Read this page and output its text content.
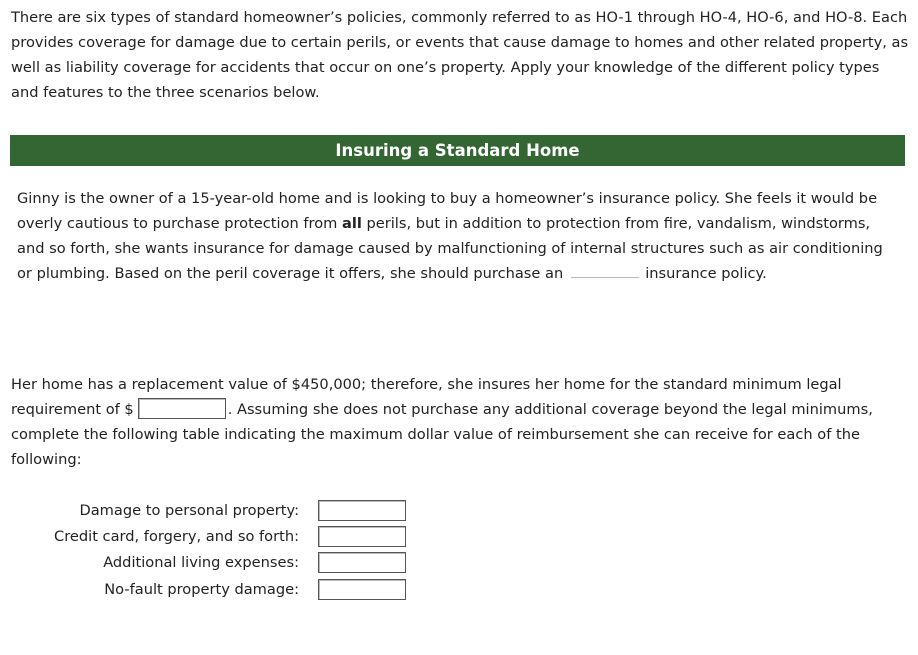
There are six types of standard homeowner’s policies, commonly referred to as HO-1 through HO-4, HO-6, and HO-8. Each provides coverage for damage due to certain perils, or events that cause damage to homes and other related property, as well as liability coverage for accidents that occur on one’s property. Apply your knowledge of the different policy types and features to the three scenarios below.

Insuring a Standard Home

Ginny is the owner of a 15-year-old home and is looking to buy a homeowner’s insurance policy. She feels it would be overly cautious to purchase protection from all perils, but in addition to protection from fire, vandalism, windstorms, and so forth, she wants insurance for damage caused by malfunctioning of internal structures such as air conditioning or plumbing. Based on the peril coverage it offers, she should purchase an	insurance policy.

Her home has a replacement value of $450,000; therefore, she insures her home for the standard minimum legal requirement of $	. Assuming she does not purchase any additional coverage beyond the legal minimums, complete the following table indicating the maximum dollar value of reimbursement she can receive for each of the following:

Damage to personal property:
Credit card, forgery, and so forth:
Additional living expenses:
No-fault property damage:
